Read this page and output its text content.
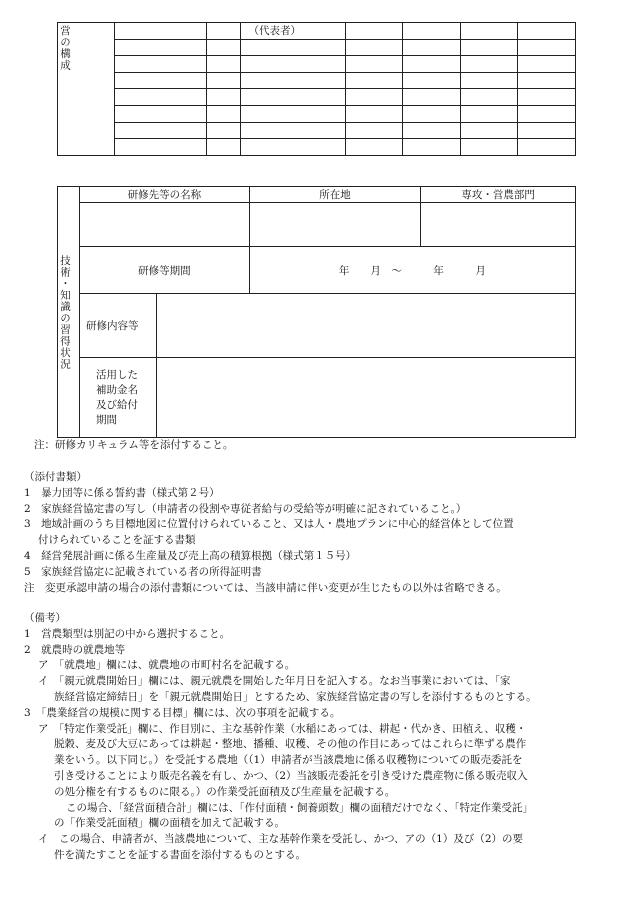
営の構成			（代表者）				

技術・知識の習得状況	研修先等の名称		所在地	専攻・営農部門

	研修等期間		年　　月　～　　　年　　　月	
	研修内容等			

	活用した補助金名及び給付期間			

注：研修カリキュラム等を添付すること。
（添付書類）
1　暴力団等に係る誓約書（様式第２号）
2　家族経営協定書の写し（申請者の役割や専従者給与の受給等が明確に記されていること。）
3　地域計画のうち目標地図に位置付けられていること、又は人・農地プランに中心的経営体として位置
付けられていることを証する書類
4　経営発展計画に係る生産量及び売上高の積算根拠（様式第１５号）
5　家族経営協定に記載されている者の所得証明書
注　変更承認申請の場合の添付書類については、当該申請に伴い変更が生じたもの以外は省略できる。
（備考）
1　営農類型は別記の中から選択すること。
2　就農時の就農地等
ア　「就農地」欄には、就農地の市町村名を記載する。
イ　「親元就農開始日」欄には、親元就農を開始した年月日を記入する。なお当事業においては、「家
族経営協定締結日」を「親元就農開始日」とするため、家族経営協定書の写しを添付するものとする。
3　「農業経営の規模に関する目標」欄には、次の事項を記載する。
ア　「特定作業受託」欄に、作目別に、主な基幹作業（水稲にあっては、耕起・代かき、田植え、収穫・
脱穀、麦及び大豆にあっては耕起・整地、播種、収穫、その他の作目にあってはこれらに準ずる農作
業をいう。以下同じ。）を受託する農地（（1）申請者が当該農地に係る収穫物についての販売委託を
引き受けることにより販売名義を有し、かつ、（2）当該販売委託を引き受けた農産物に係る販売収入
の処分権を有するものに限る。）の作業受託面積及び生産量を記載する。
この場合、「経営面積合計」欄には、「作付面積・飼養頭数」欄の面積だけでなく、「特定作業受託」
の「作業受託面積」欄の面積を加えて記載する。
イ　この場合、申請者が、当該農地について、主な基幹作業を受託し、かつ、アの（1）及び（2）の要
件を満たすことを証する書面を添付するものとする。
